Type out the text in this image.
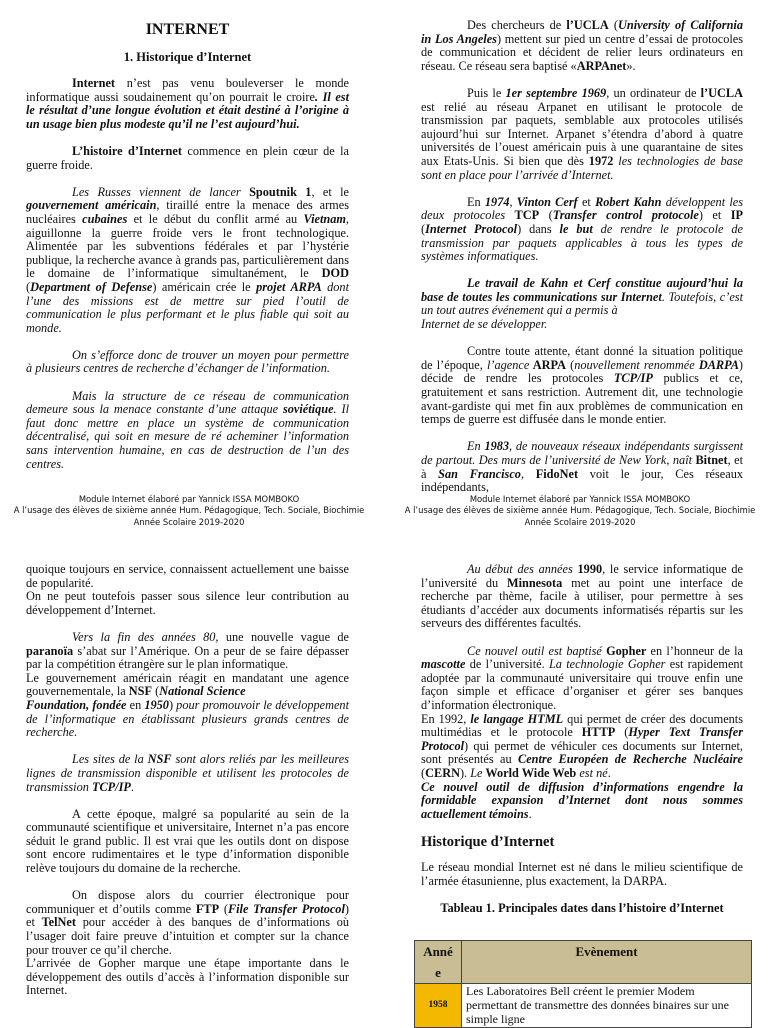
INTERNET
1. Historique d’Internet

Internet n’est pas venu bouleverser le monde informatique aussi soudainement qu’on pourrait le croire. Il est le résultat d’une longue évolution et était destiné à l’origine à un usage bien plus modeste qu’il ne l’est aujourd’hui.

L’histoire d’Internet commence en plein cœur de la guerre froide.

Les Russes viennent de lancer Spoutnik 1, et le gouvernement américain, tiraillé entre la menace des armes nucléaires cubaines et le début du conflit armé au Vietnam, aiguillonne la guerre froide vers le front technologique. Alimentée par les subventions fédérales et par l’hystérie publique, la recherche avance à grands pas, particulièrement dans le domaine de l’informatique simultanément, le DOD (Department of Defense) américain crée le projet ARPA dont l’une des missions est de mettre sur pied l’outil de communication le plus performant et le plus fiable qui soit au monde.

On s’efforce donc de trouver un moyen pour permettre à plusieurs centres de recherche d’échanger de l’information.

Mais la structure de ce réseau de communication demeure sous la menace constante d’une attaque soviétique. Il faut donc mettre en place un système de communication décentralisé, qui soit en mesure de ré acheminer l’information sans intervention humaine, en cas de destruction de l’un des centres.

Des chercheurs de l’UCLA (University of California in Los Angeles) mettent sur pied un centre d’essai de protocoles de communication et décident de relier leurs ordinateurs en réseau. Ce réseau sera baptisé «ARPAnet».

Puis le 1er septembre 1969, un ordinateur de l’UCLA est relié au réseau Arpanet en utilisant le protocole de transmission par paquets, semblable aux protocoles utilisés aujourd’hui sur Internet. Arpanet s’étendra d’abord à quatre universités de l’ouest américain puis à une quarantaine de sites aux Etats-Unis. Si bien que dès 1972 les technologies de base sont en place pour l’arrivée d’Internet.

En 1974, Vinton Cerf et Robert Kahn développent les deux protocoles TCP (Transfer control protocole) et IP (Internet Protocol) dans le but de rendre le protocole de transmission par paquets applicables à tous les types de systèmes informatiques.

Le travail de Kahn et Cerf constitue aujourd’hui la base de toutes les communications sur Internet. Toutefois, c’est un tout autres événement qui a permis à
Internet de se développer.

Contre toute attente, étant donné la situation politique de l’époque, l’agence ARPA (nouvellement renommée DARPA) décide de rendre les protocoles TCP/IP publics et ce, gratuitement et sans restriction. Autrement dit, une technologie avant-gardiste qui met fin aux problèmes de communication en temps de guerre est diffusée dans le monde entier.

En 1983, de nouveaux réseaux indépendants surgissent de partout. Des murs de l’université de New York, naît Bitnet, et à San Francisco, FidoNet voit le jour, Ces réseaux indépendants,

Module Internet élaboré par Yannick ISSA MOMBOKO
A l’usage des élèves de sixième année Hum. Pédagogique, Tech. Sociale, Biochimie
Année Scolaire 2019-2020
Module Internet élaboré par Yannick ISSA MOMBOKO
A l’usage des élèves de sixième année Hum. Pédagogique, Tech. Sociale, Biochimie
Année Scolaire 2019-2020

quoique toujours en service, connaissent actuellement une baisse de popularité.

On ne peut toutefois passer sous silence leur contribution au développement d’Internet.

Vers la fin des années 80, une nouvelle vague de paranoïa s’abat sur l’Amérique. On a peur de se faire dépasser par la compétition étrangère sur le plan informatique.

Le gouvernement américain réagit en mandatant une agence gouvernementale, la NSF (National Science
Foundation, fondée en 1950) pour promouvoir le développement de l’informatique en établissant plusieurs grands centres de recherche.

Les sites de la NSF sont alors reliés par les meilleures lignes de transmission disponible et utilisent les protocoles de transmission TCP/IP.

A cette époque, malgré sa popularité au sein de la communauté scientifique et universitaire, Internet n’a pas encore séduit le grand public. Il est vrai que les outils dont on dispose sont encore rudimentaires et le type d’information disponible relève toujours du domaine de la recherche.

On dispose alors du courrier électronique pour communiquer et d’outils comme FTP (File Transfer Protocol) et TelNet pour accéder à des banques de d’informations où l’usager doit faire preuve d’intuition et compter sur la chance pour trouver ce qu’il cherche.

L’arrivée de Gopher marque une étape importante dans le développement des outils d’accès à l’information disponible sur Internet.

Au début des années 1990, le service informatique de l’université du Minnesota met au point une interface de recherche par thème, facile à utiliser, pour permettre à ses étudiants d’accéder aux documents informatisés répartis sur les serveurs des différentes facultés.

Ce nouvel outil est baptisé Gopher en l’honneur de la mascotte de l’université. La technologie Gopher est rapidement adoptée par la communauté universitaire qui trouve enfin une façon simple et efficace d’organiser et gérer ses banques d’information électronique.

En 1992, le langage HTML qui permet de créer des documents multimédias et le protocole HTTP (Hyper Text Transfer Protocol) qui permet de véhiculer ces documents sur Internet, sont présentés au Centre Européen de Recherche Nucléaire (CERN). Le World Wide Web est né.

Ce nouvel outil de diffusion d’informations engendre la formidable expansion d’Internet dont nous sommes actuellement témoins.

Historique d’Internet

Le réseau mondial Internet est né dans le milieu scientifique de l’armée étasunienne, plus exactement, la DARPA.

Tableau 1. Principales dates dans l’histoire d’Internet

Anné
e	Evènement
1958	Les Laboratoires Bell créent le premier Modem permettant de transmettre des données binaires sur une simple ligne
